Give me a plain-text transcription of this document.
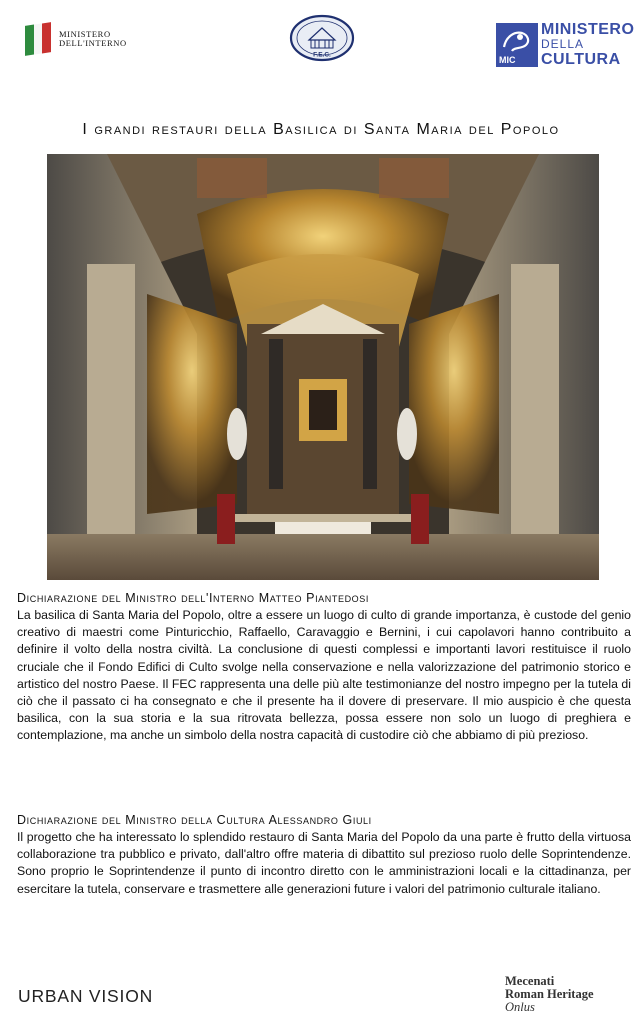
MINISTERO
DELL'INTERNO
F.E.C.	MIC
MINISTERO
DELLA
CULTURA
I grandi restauri della Basilica di Santa Maria del Popolo
Dichiarazione del Ministro dell'Interno Matteo Piantedosi

La basilica di Santa Maria del Popolo, oltre a essere un luogo di culto di grande importanza, è custode del genio creativo di maestri come Pinturicchio, Raffaello, Caravaggio e Bernini, i cui capolavori hanno contribuito a definire il volto della nostra civiltà. La conclusione di questi complessi e importanti lavori restituisce il ruolo cruciale che il Fondo Edifici di Culto svolge nella conservazione e nella valorizzazione del patrimonio storico e artistico del nostro Paese. Il FEC rappresenta una delle più alte testimonianze del nostro impegno per la tutela di ciò che il passato ci ha consegnato e che il presente ha il dovere di preservare. Il mio auspicio è che questa basilica, con la sua storia e la sua ritrovata bellezza, possa essere non solo un luogo di preghiera e contemplazione, ma anche un simbolo della nostra capacità di custodire ciò che abbiamo di più prezioso.

Dichiarazione del Ministro della Cultura Alessandro Giuli

Il progetto che ha interessato lo splendido restauro di Santa Maria del Popolo da una parte è frutto della virtuosa collaborazione tra pubblico e privato, dall'altro offre materia di dibattito sul prezioso ruolo delle Soprintendenze. Sono proprio le Soprintendenze il punto di incontro diretto con le amministrazioni locali e la cittadinanza, per esercitare la tutela, conservare e trasmettere alle generazioni future i valori del patrimonio culturale italiano.

URBAN VISION
Mecenati
Roman Heritage
Onlus
